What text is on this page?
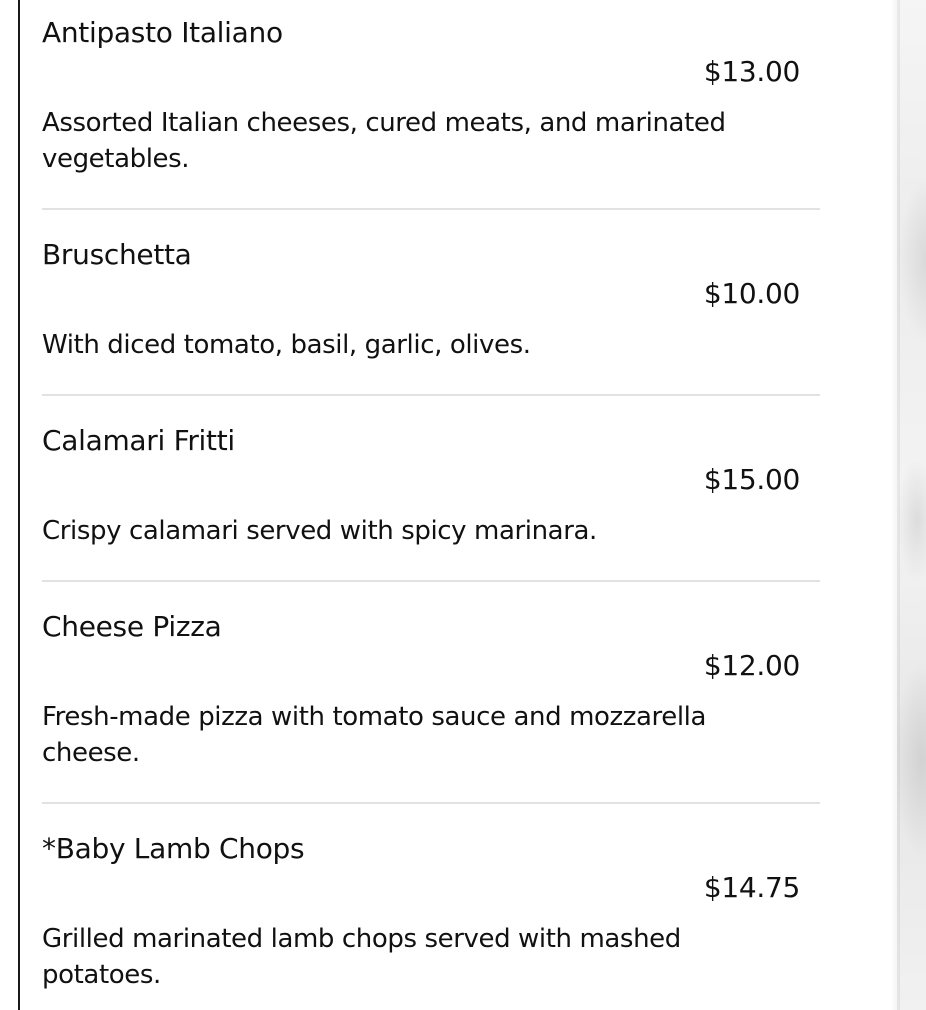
Antipasto Italiano
$13.00
Assorted Italian cheeses, cured meats, and marinated vegetables.
Bruschetta
$10.00
With diced tomato, basil, garlic, olives.
Calamari Fritti
$15.00
Crispy calamari served with spicy marinara.
Cheese Pizza
$12.00
Fresh-made pizza with tomato sauce and mozzarella cheese.
*Baby Lamb Chops
$14.75
Grilled marinated lamb chops served with mashed potatoes.
